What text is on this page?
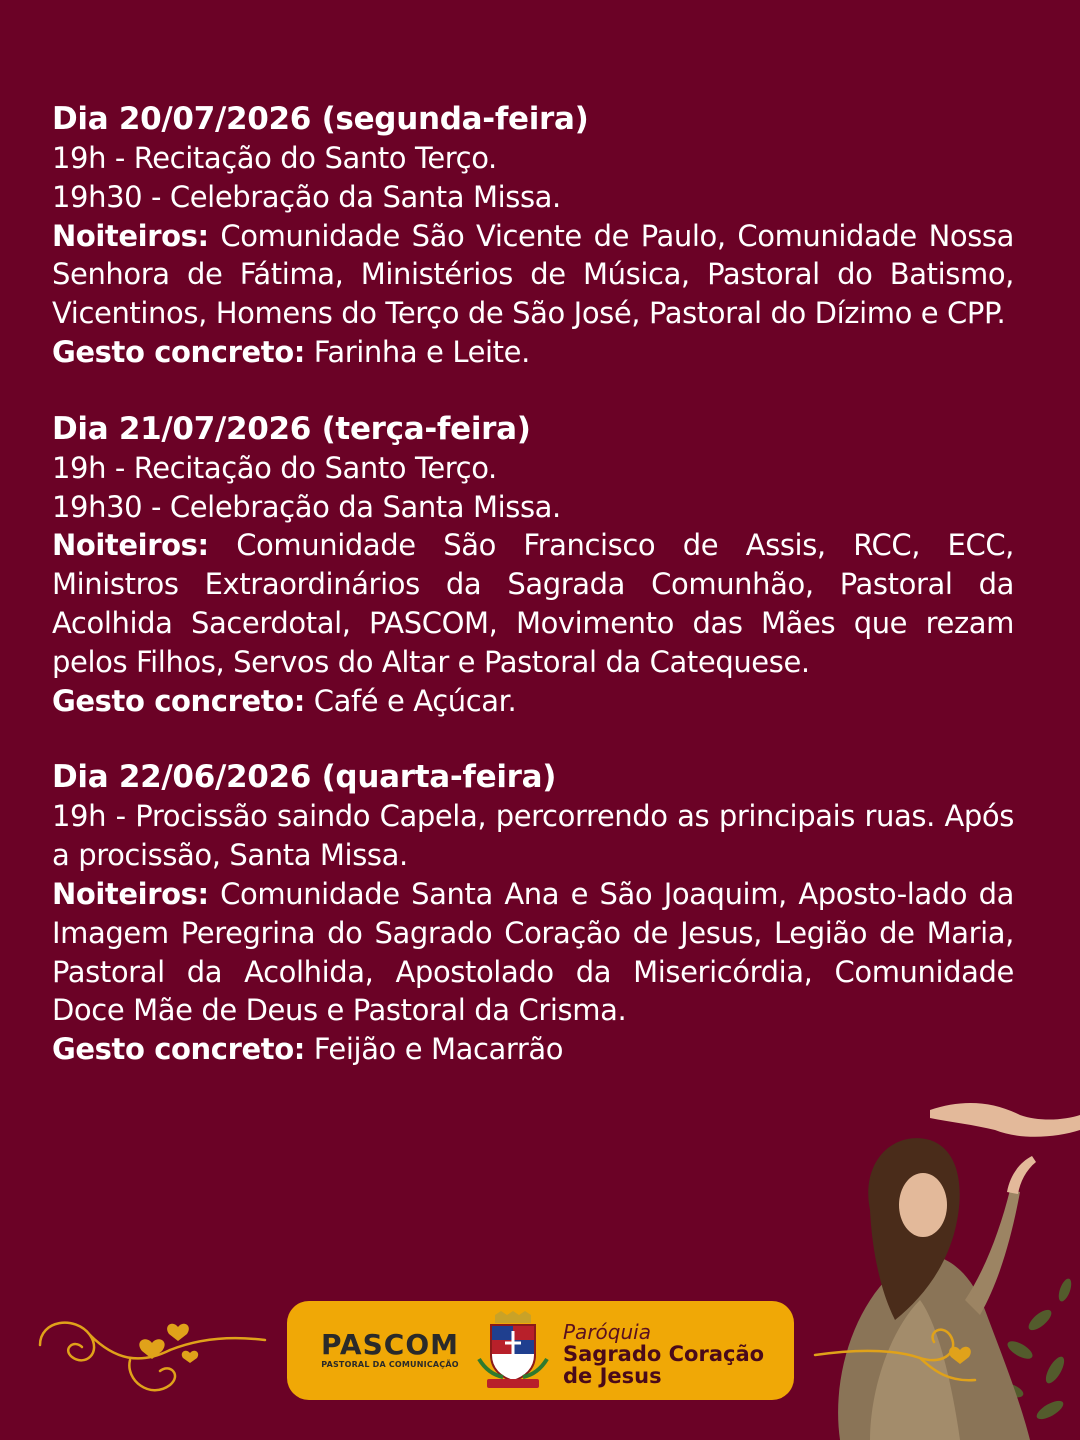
Dia 20/07/2026 (segunda-feira)
19h - Recitação do Santo Terço.
19h30 - Celebração da Santa Missa.
Noiteiros: Comunidade São Vicente de Paulo, Comunidade Nossa Senhora de Fátima, Ministérios de Música, Pastoral do Batismo, Vicentinos, Homens do Terço de São José, Pastoral do Dízimo e CPP.
Gesto concreto: Farinha e Leite.
Dia 21/07/2026 (terça-feira)
19h - Recitação do Santo Terço.
19h30 - Celebração da Santa Missa.
Noiteiros: Comunidade São Francisco de Assis, RCC, ECC, Ministros Extraordinários da Sagrada Comunhão, Pastoral da Acolhida Sacerdotal, PASCOM, Movimento das Mães que rezam pelos Filhos, Servos do Altar e Pastoral da Catequese.
Gesto concreto: Café e Açúcar.
Dia 22/06/2026 (quarta-feira)
19h - Procissão saindo Capela, percorrendo as principais ruas. Após a procissão, Santa Missa.
Noiteiros: Comunidade Santa Ana e São Joaquim, Aposto-lado da Imagem Peregrina do Sagrado Coração de Jesus, Legião de Maria, Pastoral da Acolhida, Apostolado da Misericórdia, Comunidade Doce Mãe de Deus e Pastoral da Crisma.
Gesto concreto: Feijão e Macarrão
PASCOM
PASTORAL DA COMUNICAÇÃO
Paróquia
Sagrado Coração
de Jesus
